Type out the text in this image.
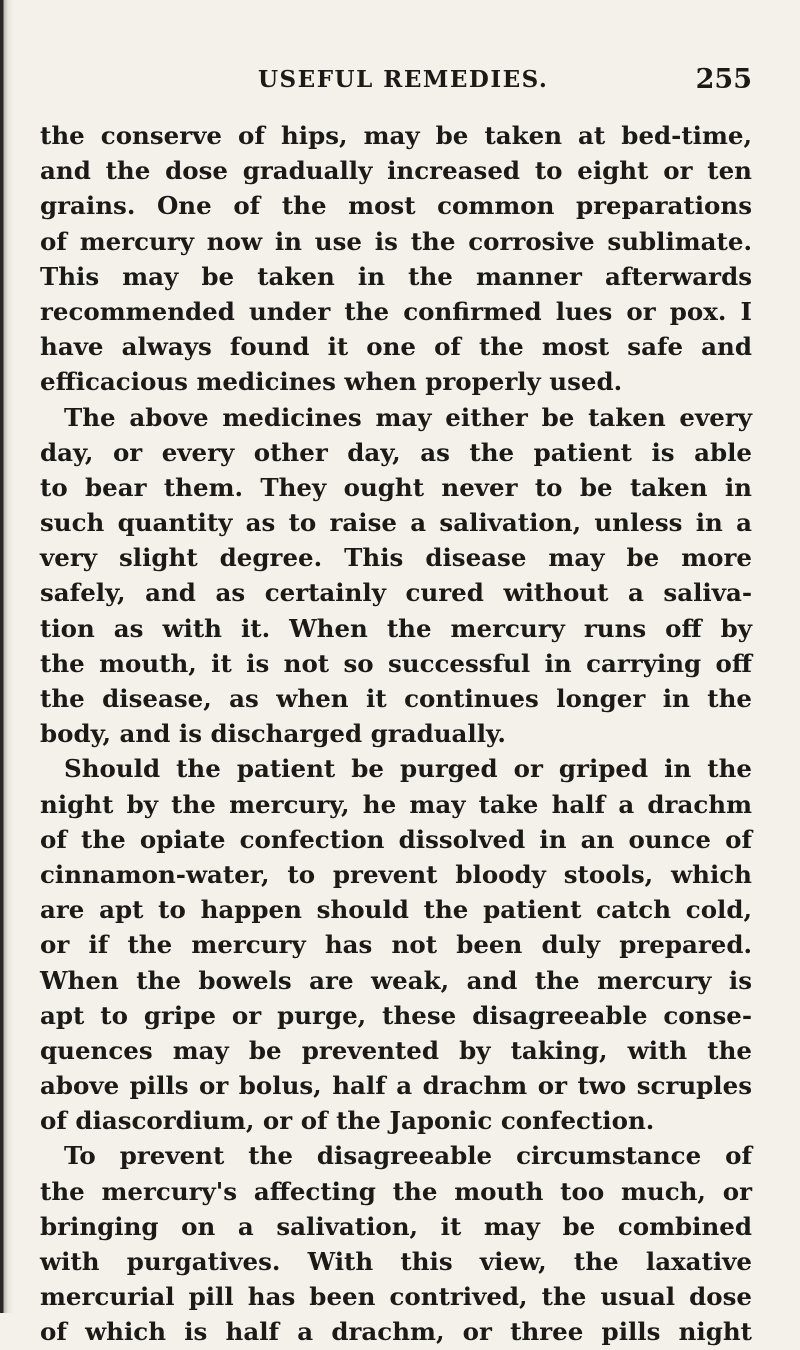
USEFUL REMEDIES.	255
the conserve of hips, may be taken at bed-time,
and the dose gradually increased to eight or ten
grains. One of the most common preparations
of mercury now in use is the corrosive sublimate.
This may be taken in the manner afterwards
recommended under the confirmed lues or pox. I
have always found it one of the most safe and
efficacious medicines when properly used.
The above medicines may either be taken every
day, or every other day, as the patient is able
to bear them. They ought never to be taken in
such quantity as to raise a salivation, unless in a
very slight degree. This disease may be more
safely, and as certainly cured without a saliva-
tion as with it. When the mercury runs off by
the mouth, it is not so successful in carrying off
the disease, as when it continues longer in the
body, and is discharged gradually.
Should the patient be purged or griped in the
night by the mercury, he may take half a drachm
of the opiate confection dissolved in an ounce of
cinnamon-water, to prevent bloody stools, which
are apt to happen should the patient catch cold,
or if the mercury has not been duly prepared.
When the bowels are weak, and the mercury is
apt to gripe or purge, these disagreeable conse-
quences may be prevented by taking, with the
above pills or bolus, half a drachm or two scruples
of diascordium, or of the Japonic confection.
To prevent the disagreeable circumstance of
the mercury's affecting the mouth too much, or
bringing on a salivation, it may be combined
with purgatives. With this view, the laxative
mercurial pill has been contrived, the usual dose
of which is half a drachm, or three pills night
